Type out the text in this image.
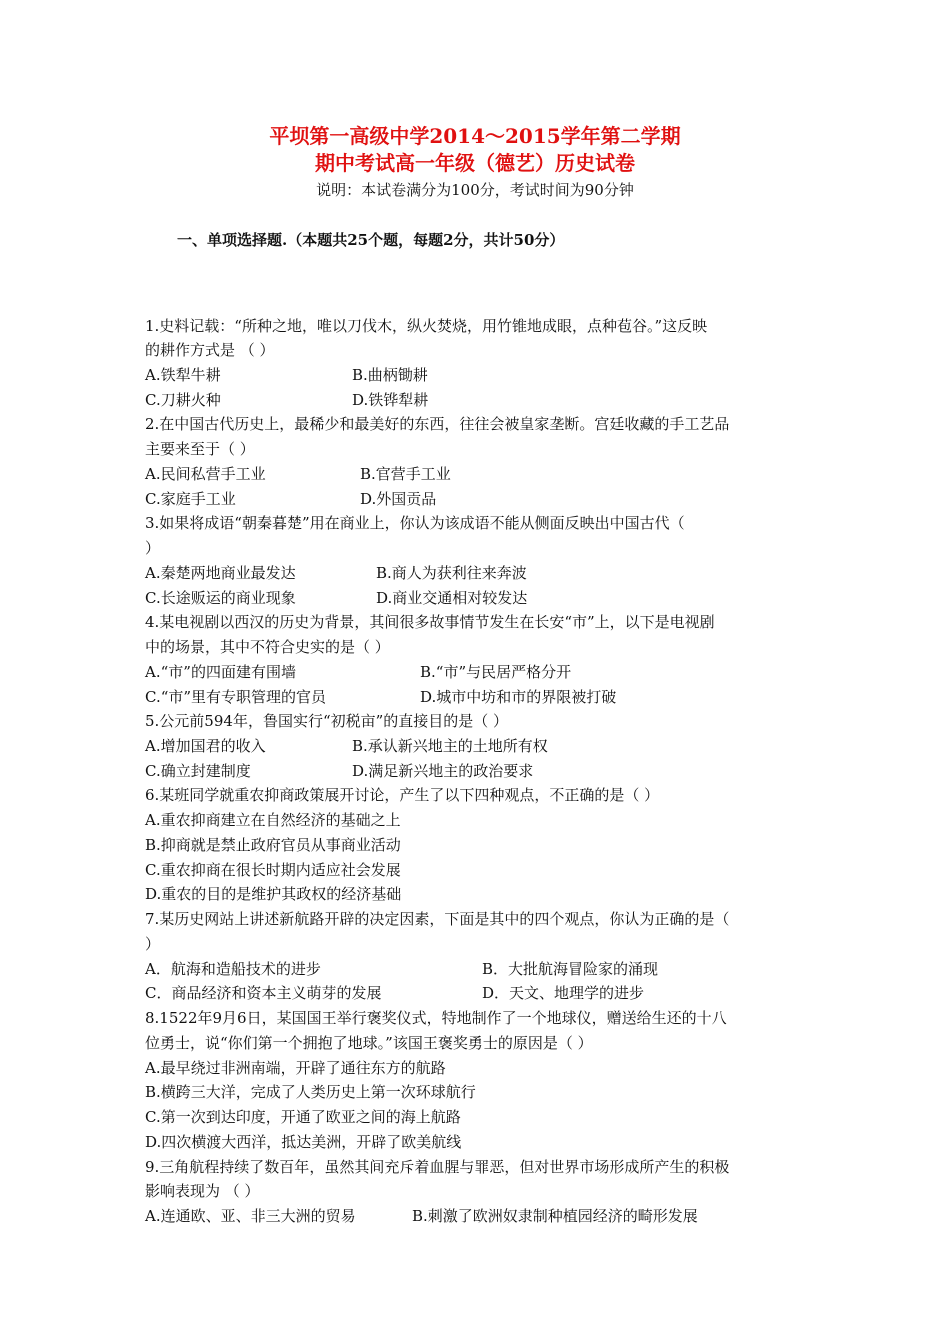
平坝第一高级中学2014～2015学年第二学期
期中考试高一年级（德艺）历史试卷
说明：本试卷满分为100分，考试时间为90分钟
一、单项选择题.（本题共25个题，每题2分，共计50分）
1.史料记载：“所种之地，唯以刀伐木，纵火焚烧，用竹锥地成眼，点种苞谷。”这反映
的耕作方式是 （ ）
A.铁犁牛耕	B.曲柄锄耕
C.刀耕火种	D.铁铧犁耕
2.在中国古代历史上，最稀少和最美好的东西，往往会被皇家垄断。宫廷收藏的手工艺品
主要来至于（ ）
A.民间私营手工业	B.官营手工业
C.家庭手工业	D.外国贡品
3.如果将成语“朝秦暮楚”用在商业上，你认为该成语不能从侧面反映出中国古代（
）
A.秦楚两地商业最发达	B.商人为获利往来奔波
C.长途贩运的商业现象	D.商业交通相对较发达
4.某电视剧以西汉的历史为背景，其间很多故事情节发生在长安“市”上，以下是电视剧
中的场景，其中不符合史实的是（ ）
A.“市”的四面建有围墙	B.“市”与民居严格分开
C.“市”里有专职管理的官员	D.城市中坊和市的界限被打破
5.公元前594年，鲁国实行“初税亩”的直接目的是（ ）
A.增加国君的收入	B.承认新兴地主的土地所有权
C.确立封建制度	D.满足新兴地主的政治要求
6.某班同学就重农抑商政策展开讨论，产生了以下四种观点，不正确的是（ ）
A.重农抑商建立在自然经济的基础之上
B.抑商就是禁止政府官员从事商业活动
C.重农抑商在很长时期内适应社会发展
D.重农的目的是维护其政权的经济基础
7.某历史网站上讲述新航路开辟的决定因素，下面是其中的四个观点，你认为正确的是（
）
A．航海和造船技术的进步	B．大批航海冒险家的涌现
C．商品经济和资本主义萌芽的发展	D．天文、地理学的进步
8.1522年9月6日，某国国王举行褒奖仪式，特地制作了一个地球仪，赠送给生还的十八
位勇士，说“你们第一个拥抱了地球。”该国王褒奖勇士的原因是（ ）
A.最早绕过非洲南端，开辟了通往东方的航路
B.横跨三大洋，完成了人类历史上第一次环球航行
C.第一次到达印度，开通了欧亚之间的海上航路
D.四次横渡大西洋，抵达美洲，开辟了欧美航线
9.三角航程持续了数百年，虽然其间充斥着血腥与罪恶，但对世界市场形成所产生的积极
影响表现为 （ ）
A.连通欧、亚、非三大洲的贸易	B.刺激了欧洲奴隶制种植园经济的畸形发展
